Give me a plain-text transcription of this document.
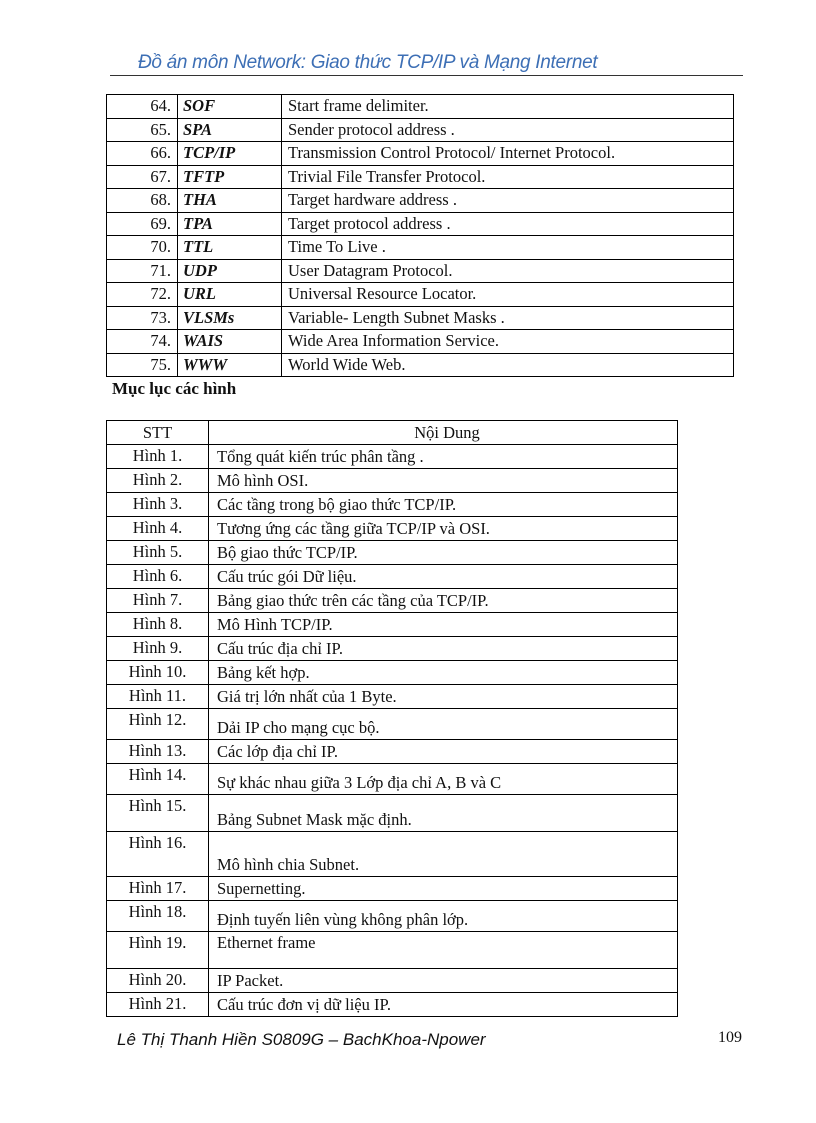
Đồ án môn Network: Giao thức TCP/IP và Mạng Internet
64.	SOF	Start frame delimiter.
65.	SPA	Sender protocol address .
66.	TCP/IP	Transmission Control Protocol/ Internet Protocol.
67.	TFTP	Trivial File Transfer Protocol.
68.	THA	Target hardware address .
69.	TPA	Target protocol address .
70.	TTL	Time To Live .
71.	UDP	User Datagram Protocol.
72.	URL	Universal Resource Locator.
73.	VLSMs	Variable- Length Subnet Masks .
74.	WAIS	Wide Area Information Service.
75.	WWW	World Wide Web.
Mục lục các hình
STT	Nội Dung
Hình 1.	Tổng quát kiến trúc phân tầng .
Hình 2.	Mô hình OSI.
Hình 3.	Các tầng trong bộ giao thức TCP/IP.
Hình 4.	Tương ứng các tầng giữa TCP/IP và OSI.
Hình 5.	Bộ giao thức TCP/IP.
Hình 6.	Cấu trúc gói Dữ liệu.
Hình 7.	Bảng giao thức trên các tầng của TCP/IP.
Hình 8.	Mô Hình TCP/IP.
Hình 9.	Cấu trúc địa chỉ IP.
Hình 10.	Bảng kết hợp.
Hình 11.	Giá trị lớn nhất của 1 Byte.
Hình 12.	Dải IP cho mạng cục bộ.
Hình 13.	Các lớp địa chỉ IP.
Hình 14.	Sự khác nhau giữa 3 Lớp địa chỉ A, B và C
Hình 15.	Bảng Subnet Mask mặc định.
Hình 16.	Mô hình chia Subnet.
Hình 17.	Supernetting.
Hình 18.	Định tuyến liên vùng không phân lớp.
Hình 19.	Ethernet frame
Hình 20.	IP Packet.
Hình 21.	Cấu trúc đơn vị dữ liệu IP.
Lê Thị Thanh Hiền S0809G – BachKhoa-Npower	109
